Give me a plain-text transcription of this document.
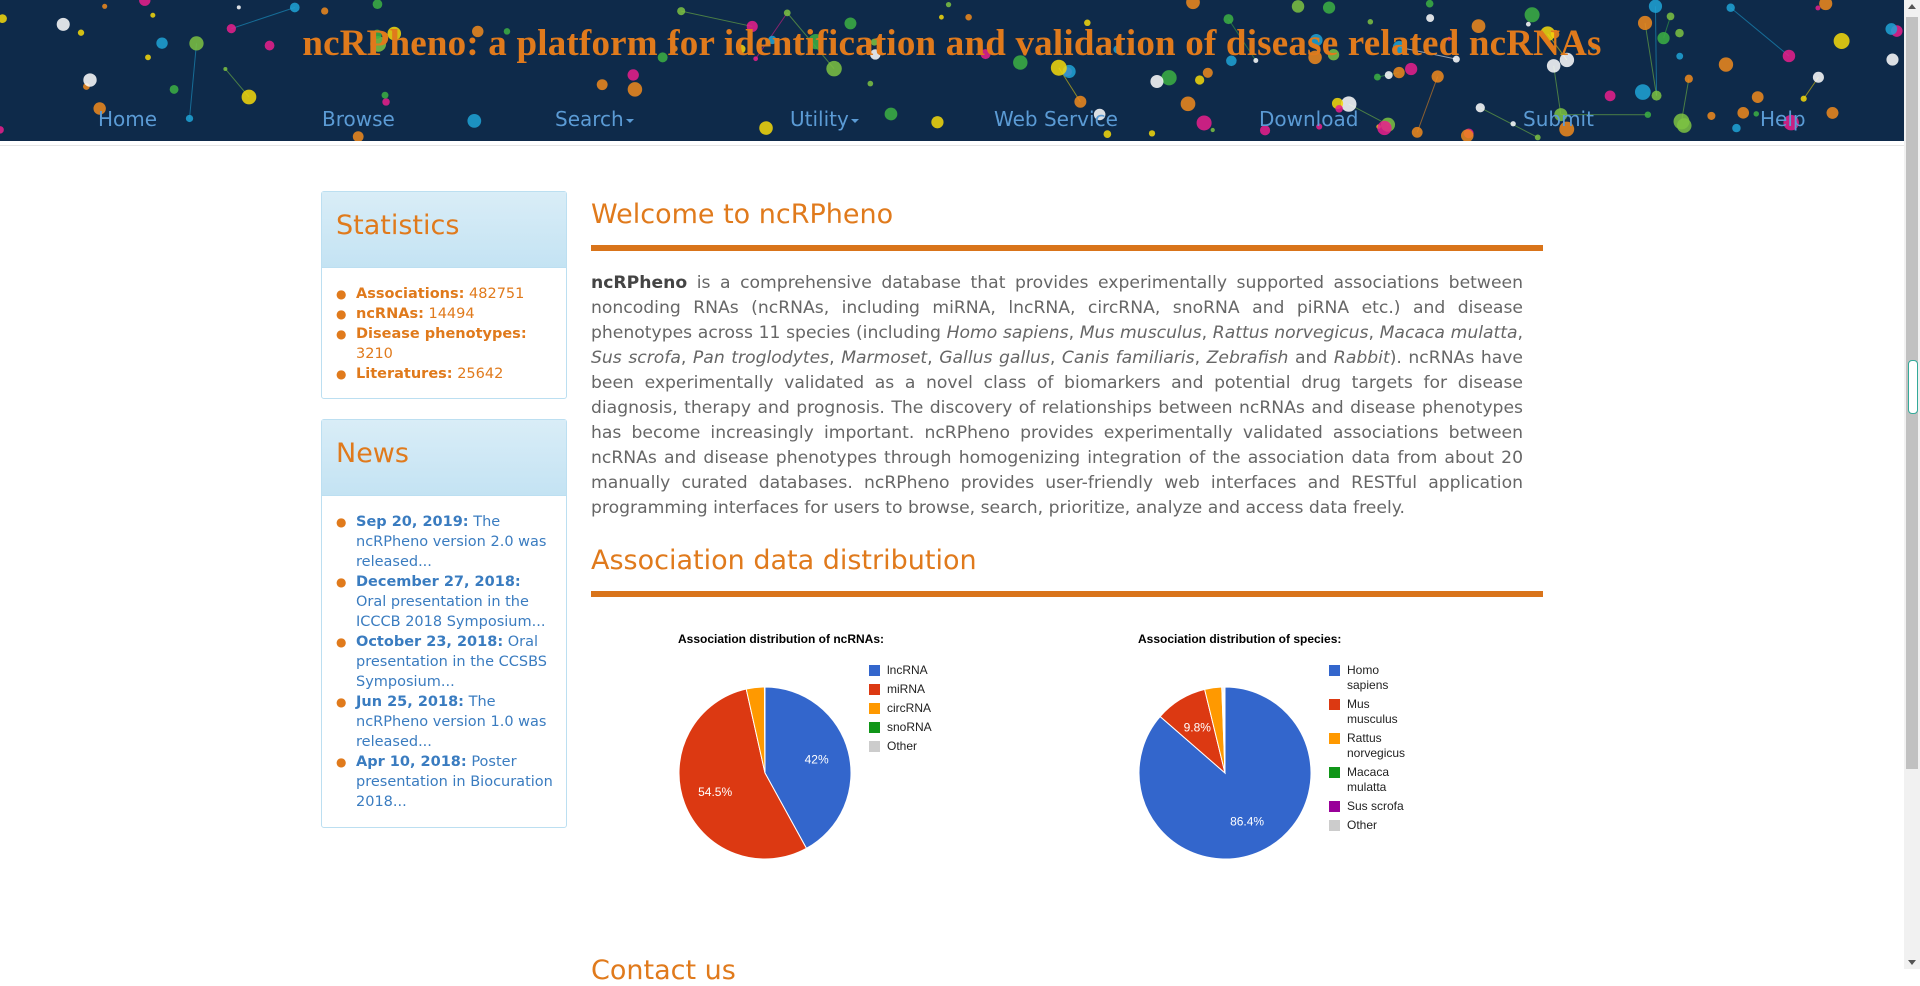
ncRPheno: a platform for identification and validation of disease related ncRNAs
Home	Browse	Search	Utility	Web Service	Download	Submit	Help
Statistics
● Associations: 482751
● ncRNAs: 14494
● Disease phenotypes: 3210
● Literatures: 25642
News
● Sep 20, 2019: The ncRPheno version 2.0 was released...
● December 27, 2018: Oral presentation in the ICCCB 2018 Symposium...
● October 23, 2018: Oral presentation in the CCSBS Symposium...
● Jun 25, 2018: The ncRPheno version 1.0 was released...
● Apr 10, 2018: Poster presentation in Biocuration 2018...
Welcome to ncRPheno
ncRPheno is a comprehensive database that provides experimentally supported associations between noncoding RNAs (ncRNAs, including miRNA, lncRNA, circRNA, snoRNA and piRNA etc.) and disease phenotypes across 11 species (including Homo sapiens, Mus musculus, Rattus norvegicus, Macaca mulatta, Sus scrofa, Pan troglodytes, Marmoset, Gallus gallus, Canis familiaris, Zebrafish and Rabbit). ncRNAs have been experimentally validated as a novel class of biomarkers and potential drug targets for disease diagnosis, therapy and prognosis. The discovery of relationships between ncRNAs and disease phenotypes has become increasingly important. ncRPheno provides experimentally validated associations between ncRNAs and disease phenotypes through homogenizing integration of the association data from about 20 manually curated databases. ncRPheno provides user-friendly web interfaces and RESTful application programming interfaces for users to browse, search, prioritize, analyze and access data freely.
Association data distribution
Association distribution of ncRNAs:
42%
54.5%
lncRNA
miRNA
circRNA
snoRNA
Other
Association distribution of species:
86.4%
9.8%
Homo
sapiens
Mus
musculus
Rattus
norvegicus
Macaca
mulatta
Sus scrofa
Other
Contact us
